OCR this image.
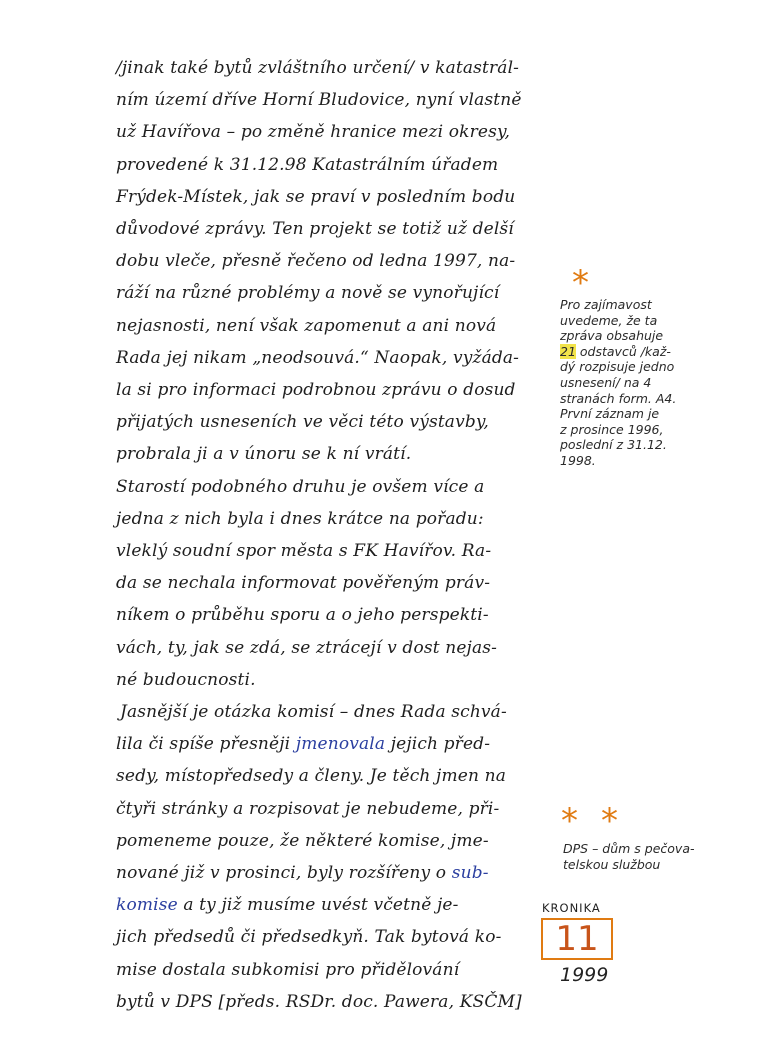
/jinak také bytů zvláštního určení/ v katastrál-
ním území dříve Horní Bludovice, nyní vlastně
už Havířova – po změně hranice mezi okresy,
provedené k 31.12.98 Katastrálním úřadem
Frýdek-Místek, jak se praví v posledním bodu
důvodové zprávy. Ten projekt se totiž už delší
dobu vleče, přesně řečeno od ledna 1997, na-
ráží na různé problémy a nově se vynořující
nejasnosti, není však zapomenut a ani nová
Rada jej nikam „neodsouvá.“ Naopak, vyžáda-
la si pro informaci podrobnou zprávu o dosud
přijatých usneseních ve věci této výstavby,
probrala ji a v únoru se k ní vrátí.
Starostí podobného druhu je ovšem více a
jedna z nich byla i dnes krátce na pořadu:
vleklý soudní spor města s FK Havířov. Ra-
da se nechala informovat pověřeným práv-
níkem o průběhu sporu a o jeho perspekti-
vách, ty, jak se zdá, se ztrácejí v dost nejas-
né budoucnosti.
Jasnější je otázka komisí – dnes Rada schvá-
lila či spíše přesněji jmenovala jejich před-
sedy, místopředsedy a členy. Je těch jmen na
čtyři stránky a rozpisovat je nebudeme, při-
pomeneme pouze, že některé komise, jme-
nované již v prosinci, byly rozšířeny o sub-
komise a ty již musíme uvést včetně je-
jich předsedů či předsedkyň. Tak bytová ko-
mise dostala subkomisi pro přidělování
bytů v DPS [předs. RSDr. doc. Pawera, KSČM]
*
Pro zajímavost
uvedeme, že ta
zpráva obsahuje
21 odstavců /kaž-
dý rozpisuje jedno
usnesení/ na 4
stranách form. A4.
První záznam je
z prosince 1996,
poslední z 31.12.
1998.
* *
DPS – dům s pečova-
telskou službou
KRONIKA
11
1999
